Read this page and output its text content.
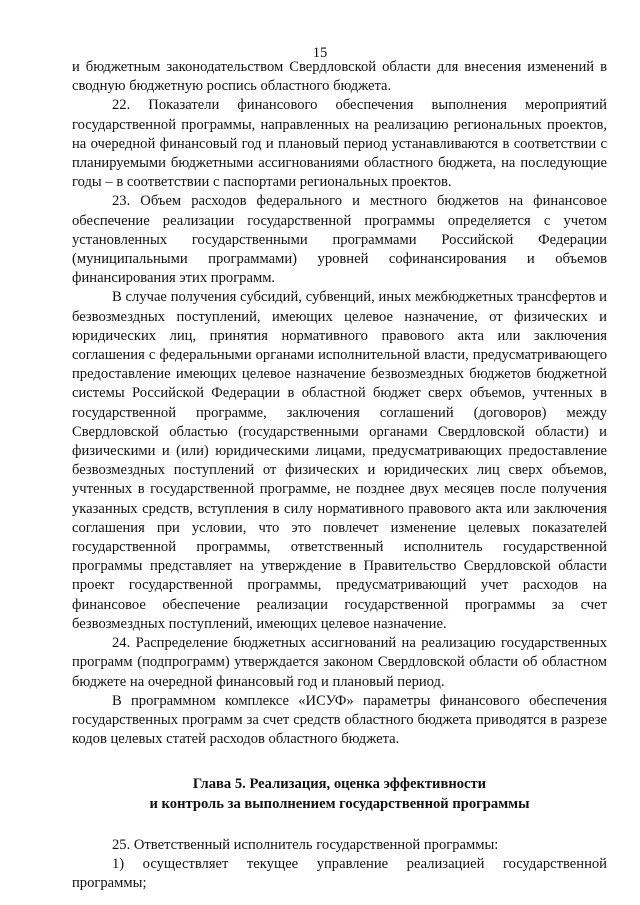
15

и бюджетным законодательством Свердловской области для внесения изменений в сводную бюджетную роспись областного бюджета.

22. Показатели финансового обеспечения выполнения мероприятий государственной программы, направленных на реализацию региональных проектов, на очередной финансовый год и плановый период устанавливаются в соответствии с планируемыми бюджетными ассигнованиями областного бюджета, на последующие годы – в соответствии с паспортами региональных проектов.

23. Объем расходов федерального и местного бюджетов на финансовое обеспечение реализации государственной программы определяется с учетом установленных государственными программами Российской Федерации (муниципальными программами) уровней софинансирования и объемов финансирования этих программ.

В случае получения субсидий, субвенций, иных межбюджетных трансфертов и безвозмездных поступлений, имеющих целевое назначение, от физических и юридических лиц, принятия нормативного правового акта или заключения соглашения с федеральными органами исполнительной власти, предусматривающего предоставление имеющих целевое назначение безвозмездных бюджетов бюджетной системы Российской Федерации в областной бюджет сверх объемов, учтенных в государственной программе, заключения соглашений (договоров) между Свердловской областью (государственными органами Свердловской области) и физическими и (или) юридическими лицами, предусматривающих предоставление безвозмездных поступлений от физических и юридических лиц сверх объемов, учтенных в государственной программе, не позднее двух месяцев после получения указанных средств, вступления в силу нормативного правового акта или заключения соглашения при условии, что это повлечет изменение целевых показателей государственной программы, ответственный исполнитель государственной программы представляет на утверждение в Правительство Свердловской области проект государственной программы, предусматривающий учет расходов на финансовое обеспечение реализации государственной программы за счет безвозмездных поступлений, имеющих целевое назначение.

24. Распределение бюджетных ассигнований на реализацию государственных программ (подпрограмм) утверждается законом Свердловской области об областном бюджете на очередной финансовый год и плановый период.

В программном комплексе «ИСУФ» параметры финансового обеспечения государственных программ за счет средств областного бюджета приводятся в разрезе кодов целевых статей расходов областного бюджета.

Глава 5. Реализация, оценка эффективности
и контроль за выполнением государственной программы

25. Ответственный исполнитель государственной программы:

1) осуществляет текущее управление реализацией государственной программы;
